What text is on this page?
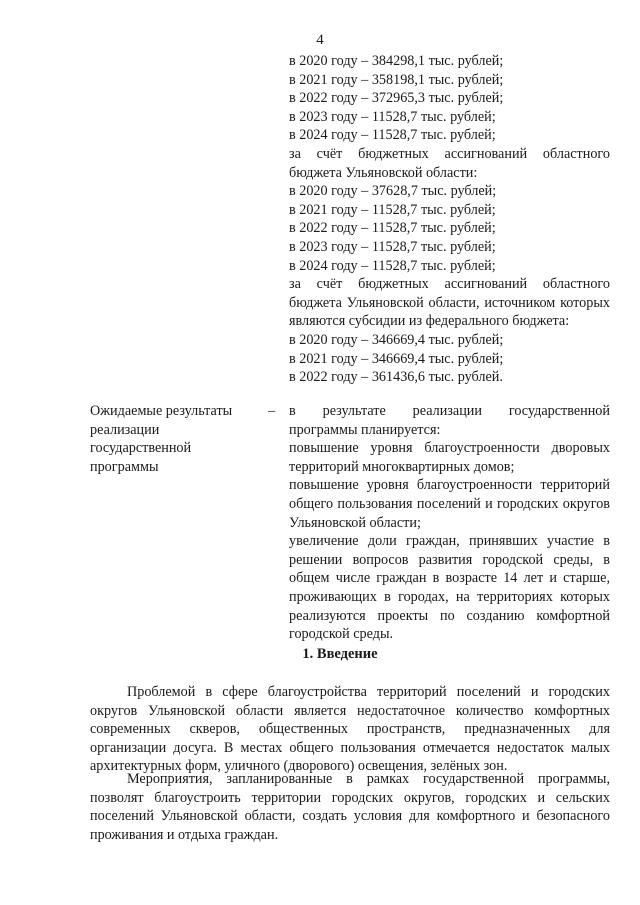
4
в 2020 году – 384298,1 тыс. рублей;
в 2021 году – 358198,1 тыс. рублей;
в 2022 году – 372965,3 тыс. рублей;
в 2023 году – 11528,7 тыс. рублей;
в 2024 году – 11528,7 тыс. рублей;
за счёт бюджетных ассигнований областного бюджета Ульяновской области:
в 2020 году – 37628,7 тыс. рублей;
в 2021 году – 11528,7 тыс. рублей;
в 2022 году – 11528,7 тыс. рублей;
в 2023 году – 11528,7 тыс. рублей;
в 2024 году – 11528,7 тыс. рублей;
за счёт бюджетных ассигнований областного бюджета Ульяновской области, источником которых являются субсидии из федерального бюджета:
в 2020 году – 346669,4 тыс. рублей;
в 2021 году – 346669,4 тыс. рублей;
в 2022 году – 361436,6 тыс. рублей.
Ожидаемые результаты реализации государственной программы
– в результате реализации государственной программы планируется:
повышение уровня благоустроенности дворовых территорий многоквартирных домов;
повышение уровня благоустроенности территорий общего пользования поселений и городских округов Ульяновской области;
увеличение доли граждан, принявших участие в решении вопросов развития городской среды, в общем числе граждан в возрасте 14 лет и старше, проживающих в городах, на территориях которых реализуются проекты по созданию комфортной городской среды.
1. Введение
Проблемой в сфере благоустройства территорий поселений и городских округов Ульяновской области является недостаточное количество комфортных современных скверов, общественных пространств, предназначенных для организации досуга. В местах общего пользования отмечается недостаток малых архитектурных форм, уличного (дворового) освещения, зелёных зон.
Мероприятия, запланированные в рамках государственной программы, позволят благоустроить территории городских округов, городских и сельских поселений Ульяновской области, создать условия для комфортного и безопасного проживания и отдыха граждан.
